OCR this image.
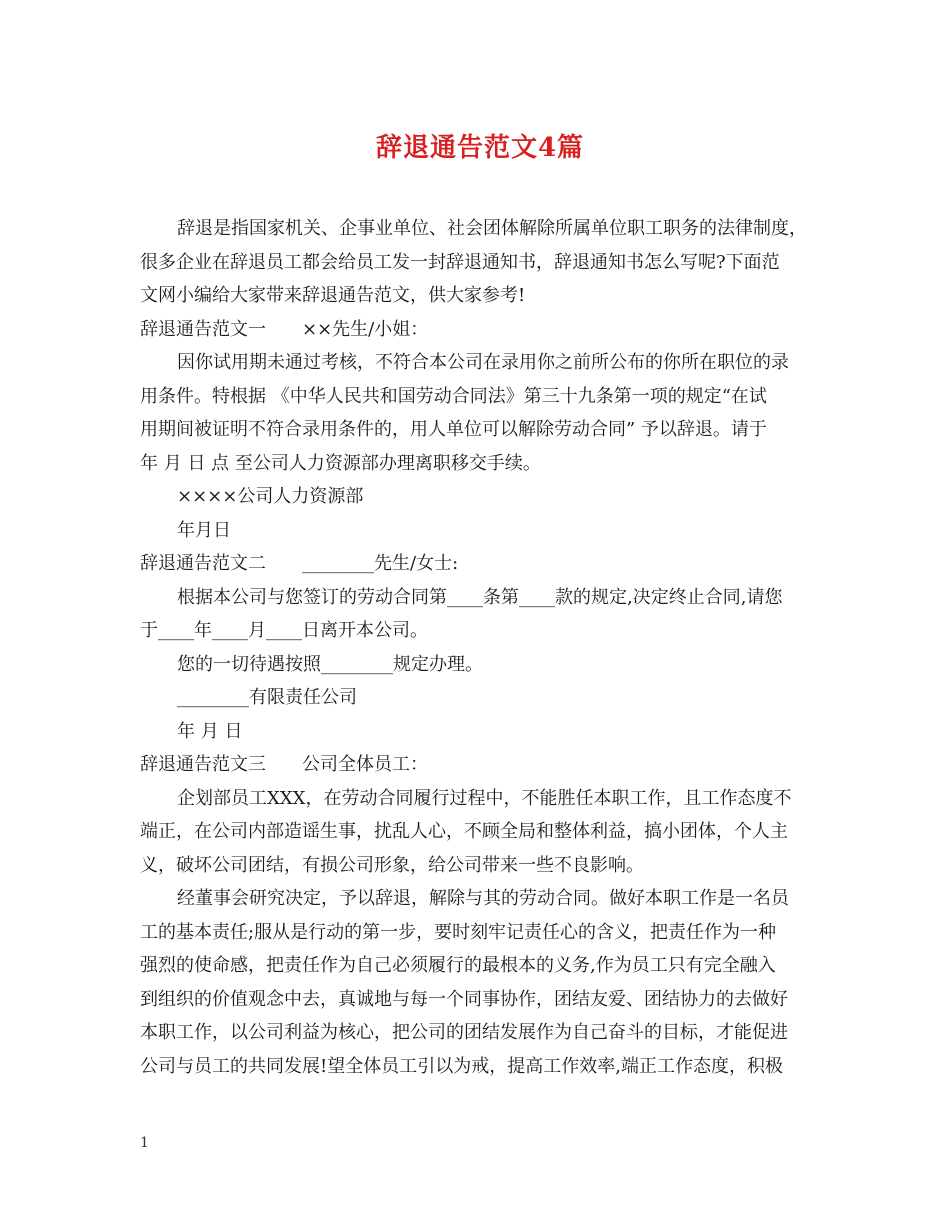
辞退通告范文4篇

辞退是指国家机关、企事业单位、社会团体解除所属单位职工职务的法律制度，

很多企业在辞退员工都会给员工发一封辞退通知书，辞退通知书怎么写呢?下面范

文网小编给大家带来辞退通告范文，供大家参考!

辞退通告范文一　　××先生/小姐：

因你试用期未通过考核，不符合本公司在录用你之前所公布的你所在职位的录

用条件。特根据 《中华人民共和国劳动合同法》第三十九条第一项的规定“在试

用期间被证明不符合录用条件的，用人单位可以解除劳动合同” 予以辞退。请于

年 月 日 点 至公司人力资源部办理离职移交手续。

××××公司人力资源部

年月日

辞退通告范文二　　________先生/女士:

根据本公司与您签订的劳动合同第____条第____款的规定,决定终止合同,请您

于____年____月____日离开本公司。

您的一切待遇按照________规定办理。

________有限责任公司

年 月 日

辞退通告范文三　　公司全体员工：

企划部员工XXX，在劳动合同履行过程中，不能胜任本职工作，且工作态度不

端正，在公司内部造谣生事，扰乱人心，不顾全局和整体利益，搞小团体，个人主

义，破坏公司团结，有损公司形象，给公司带来一些不良影响。

经董事会研究决定，予以辞退，解除与其的劳动合同。做好本职工作是一名员

工的基本责任;服从是行动的第一步，要时刻牢记责任心的含义，把责任作为一种

强烈的使命感，把责任作为自己必须履行的最根本的义务,作为员工只有完全融入

到组织的价值观念中去，真诚地与每一个同事协作，团结友爱、团结协力的去做好

本职工作，以公司利益为核心，把公司的团结发展作为自己奋斗的目标，才能促进

公司与员工的共同发展!望全体员工引以为戒，提高工作效率,端正工作态度，积极

1
